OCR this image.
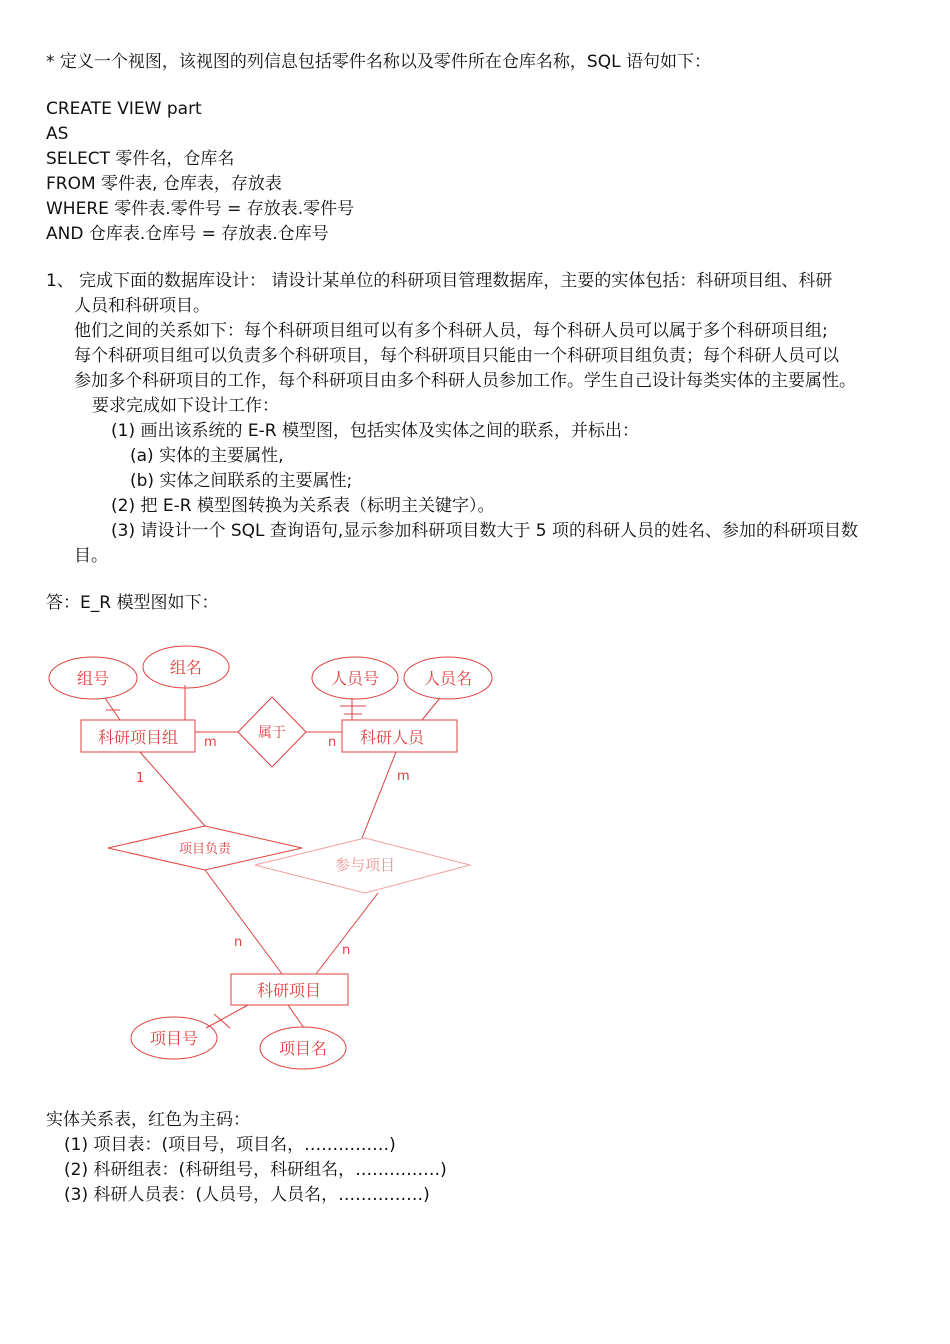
* 定义一个视图，该视图的列信息包括零件名称以及零件所在仓库名称，SQL 语句如下：
CREATE VIEW part
AS
SELECT 零件名，仓库名
FROM 零件表, 仓库表，存放表
WHERE 零件表.零件号 = 存放表.零件号
AND 仓库表.仓库号 = 存放表.仓库号
1、 完成下面的数据库设计： 请设计某单位的科研项目管理数据库，主要的实体包括：科研项目组、科研
人员和科研项目。
他们之间的关系如下：每个科研项目组可以有多个科研人员，每个科研人员可以属于多个科研项目组;
每个科研项目组可以负责多个科研项目，每个科研项目只能由一个科研项目组负责；每个科研人员可以
参加多个科研项目的工作，每个科研项目由多个科研人员参加工作。学生自己设计每类实体的主要属性。
要求完成如下设计工作：
(1) 画出该系统的 E-R 模型图，包括实体及实体之间的联系，并标出：
(a) 实体的主要属性,
(b) 实体之间联系的主要属性;
(2) 把 E-R 模型图转换为关系表（标明主关键字）。
(3) 请设计一个 SQL 查询语句,显示参加科研项目数大于 5 项的科研人员的姓名、参加的科研项目数
目。
答：E_R 模型图如下：
组号
组名
人员号	人员名
科研项目组	属于	科研人员
m	n
1	m
项目负责
参与项目
n
n
科研项目
项目号
项目名
实体关系表，红色为主码：
(1) 项目表：(项目号，项目名，……………)
(2) 科研组表：(科研组号，科研组名，……………)
(3) 科研人员表：(人员号，人员名，……………)
